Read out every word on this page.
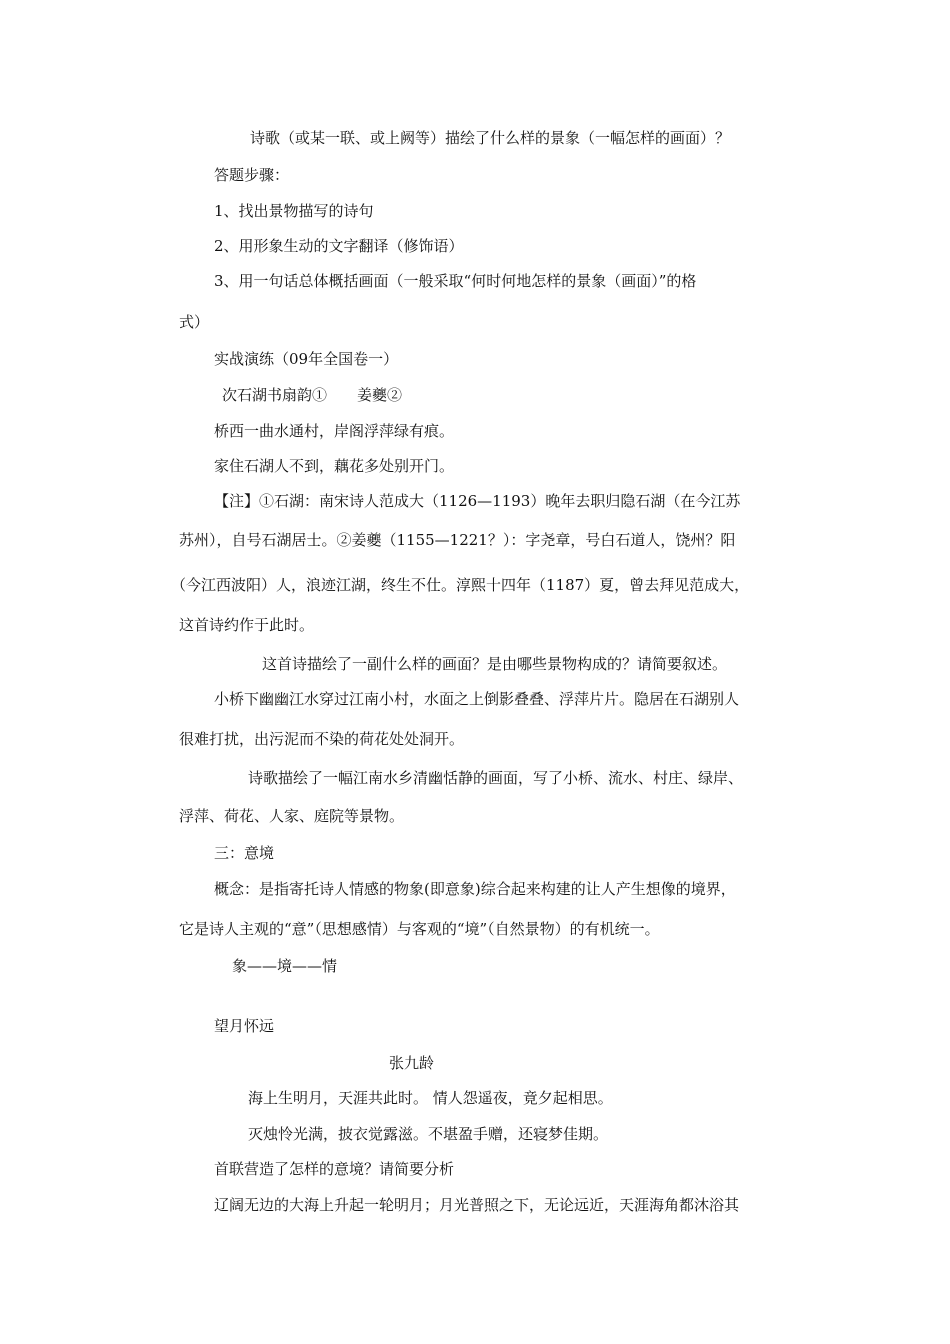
诗歌（或某一联、或上阙等）描绘了什么样的景象（一幅怎样的画面）？
答题步骤：
1、找出景物描写的诗句
2、用形象生动的文字翻译（修饰语）
3、用一句话总体概括画面（一般采取“何时何地怎样的景象（画面）”的格
式）
实战演练（09年全国卷一）
次石湖书扇韵①　　姜夔②
桥西一曲水通村，岸阁浮萍绿有痕。
家住石湖人不到，藕花多处别开门。
【注】①石湖：南宋诗人范成大（1126—1193）晚年去职归隐石湖（在今江苏
苏州），自号石湖居士。②姜夔（1155—1221？）：字尧章，号白石道人，饶州？阳
（今江西波阳）人，浪迹江湖，终生不仕。淳熙十四年（1187）夏，曾去拜见范成大，
这首诗约作于此时。
这首诗描绘了一副什么样的画面？是由哪些景物构成的？请简要叙述。
小桥下幽幽江水穿过江南小村，水面之上倒影叠叠、浮萍片片。隐居在石湖别人
很难打扰，出污泥而不染的荷花处处洞开。
诗歌描绘了一幅江南水乡清幽恬静的画面，写了小桥、流水、村庄、绿岸、
浮萍、荷花、人家、庭院等景物。
三：意境
概念：是指寄托诗人情感的物象(即意象)综合起来构建的让人产生想像的境界，
它是诗人主观的“意”（思想感情）与客观的“境”（自然景物）的有机统一。
象——境——情
望月怀远
张九龄
海上生明月，天涯共此时。 情人怨遥夜，竟夕起相思。
灭烛怜光满，披衣觉露滋。不堪盈手赠，还寝梦佳期。
首联营造了怎样的意境？请简要分析
辽阔无边的大海上升起一轮明月；月光普照之下，无论远近，天涯海角都沐浴其
